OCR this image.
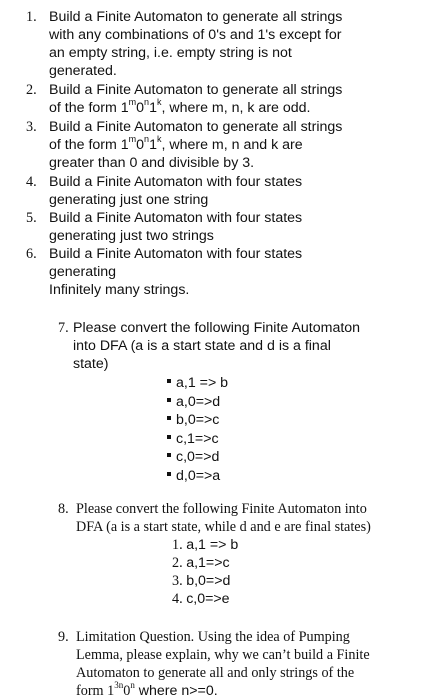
1. Build a Finite Automaton to generate all strings
with any combinations of 0's and 1's except for
an empty string, i.e. empty string is not
generated.
2. Build a Finite Automaton to generate all strings
of the form 1$^m$0$^n$1$^k$, where m, n, k are odd.
3. Build a Finite Automaton to generate all strings
of the form 1$^m$0$^n$1$^k$, where m, n and k are
greater than 0 and divisible by 3.
4. Build a Finite Automaton with four states
generating just one string
5. Build a Finite Automaton with four states
generating just two strings
6. Build a Finite Automaton with four states
generating
Infinitely many strings.
7. Please convert the following Finite Automaton
into DFA (a is a start state and d is a final
state)
a,1 => b
a,0=>d
b,0=>c
c,1=>c
c,0=>d
d,0=>a
8. Please convert the following Finite Automaton into
DFA (a is a start state, while d and e are final states)
1. a,1 => b
2. a,1=>c
3. b,0=>d
4. c,0=>e
9. Limitation Question. Using the idea of Pumping
Lemma, please explain, why we can’t build a Finite
Automaton to generate all and only strings of the
form $1^{3n}0^n$ where n>=0.
